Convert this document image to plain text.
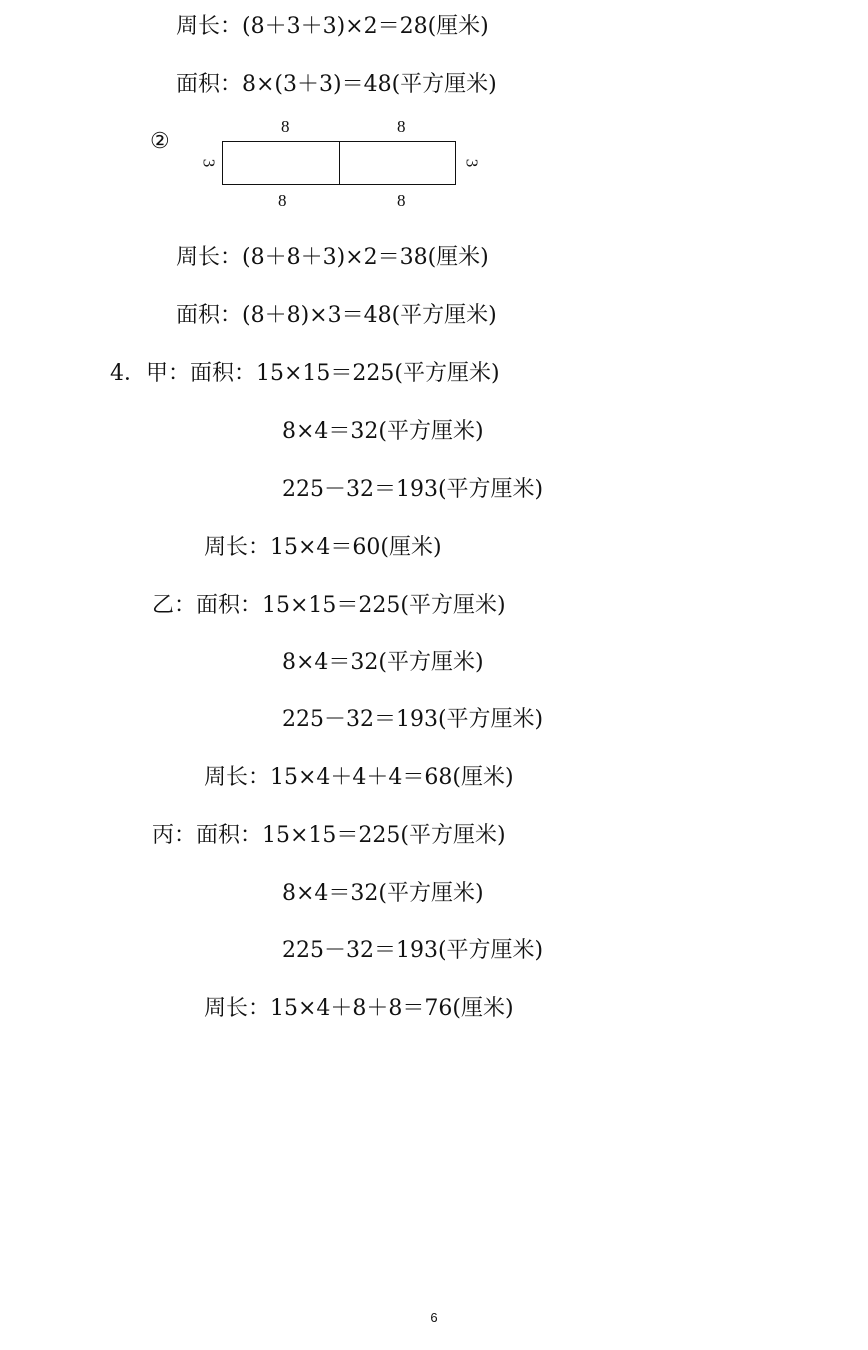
周长：(8＋3＋3)×2＝28(厘米)
面积：8×(3＋3)＝48(平方厘米)
②
8	8
3	3
8	8
周长：(8＋8＋3)×2＝38(厘米)
面积：(8＋8)×3＝48(平方厘米)
4．甲：面积：15×15＝225(平方厘米)
8×4＝32(平方厘米)
225－32＝193(平方厘米)
周长：15×4＝60(厘米)
乙：面积：15×15＝225(平方厘米)
8×4＝32(平方厘米)
225－32＝193(平方厘米)
周长：15×4＋4＋4＝68(厘米)
丙：面积：15×15＝225(平方厘米)
8×4＝32(平方厘米)
225－32＝193(平方厘米)
周长：15×4＋8＋8＝76(厘米)
6
